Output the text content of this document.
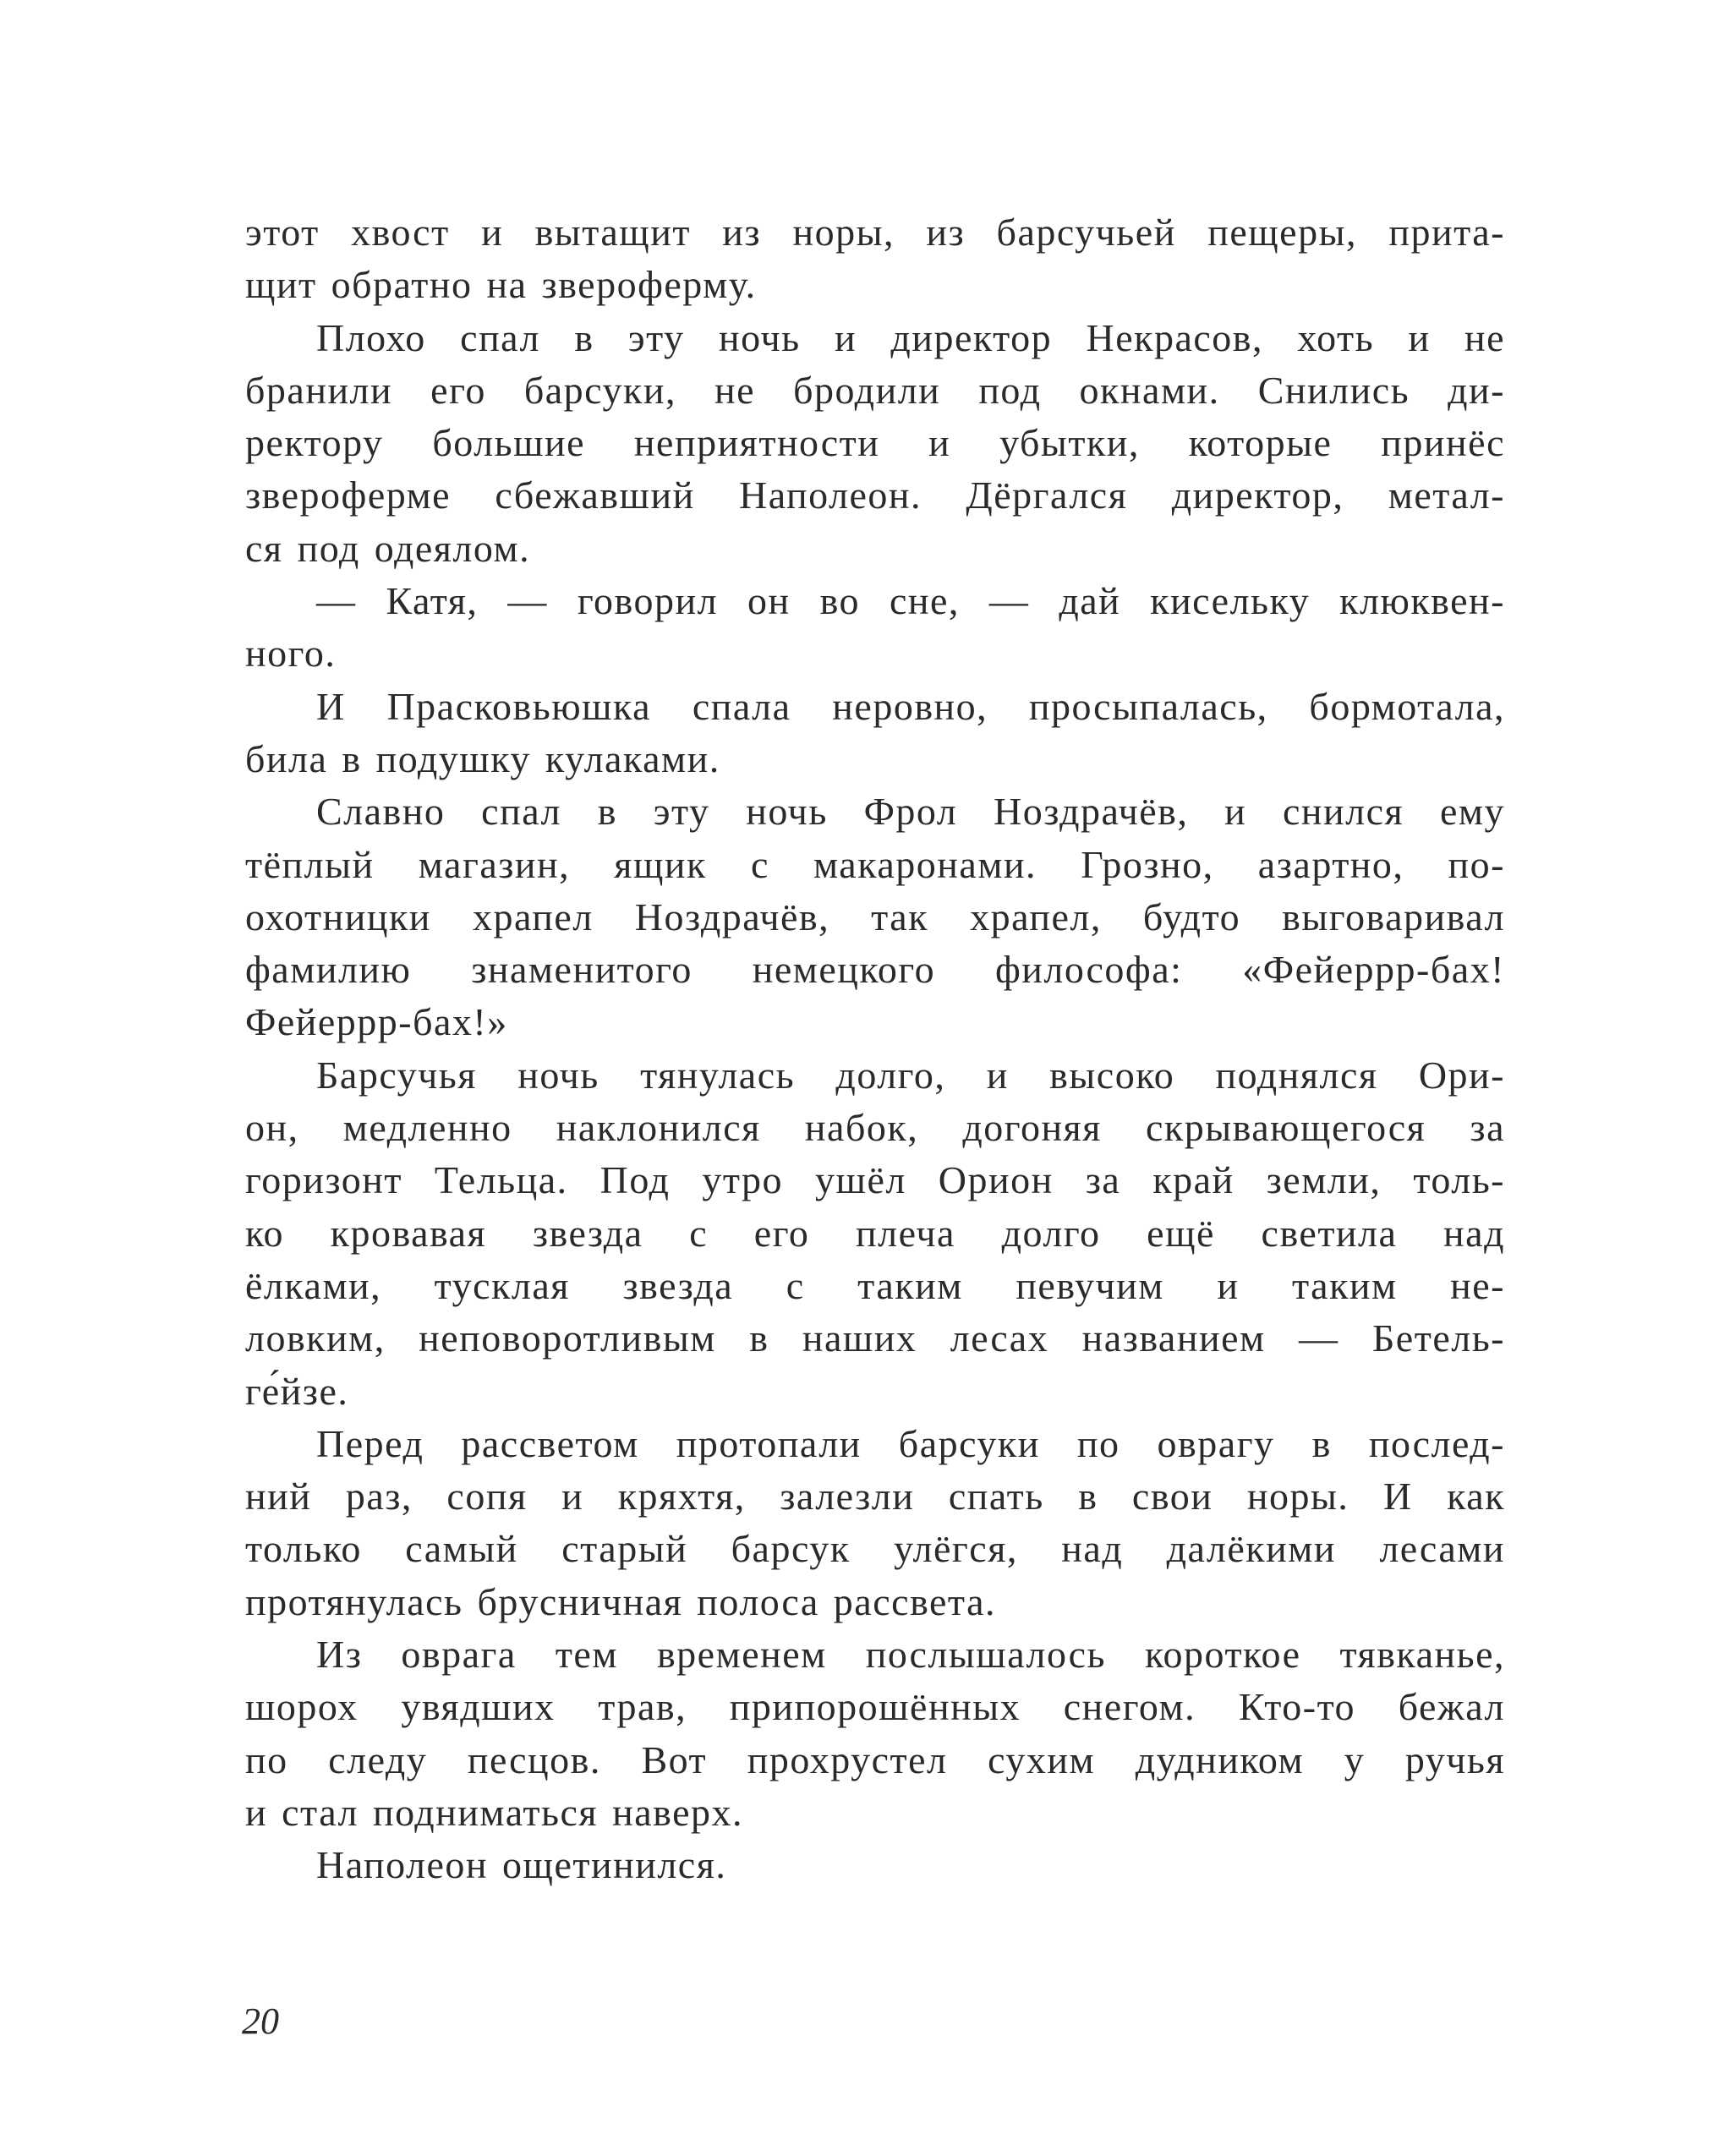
этот хвост и вытащит из норы, из барсучьей пещеры, прита-
щит обратно на звероферму.
Плохо спал в эту ночь и директор Некрасов, хоть и не
бранили его барсуки, не бродили под окнами. Снились ди-
ректору большие неприятности и убытки, которые принёс
звероферме сбежавший Наполеон. Дёргался директор, метал-
ся под одеялом.
— Катя, — говорил он во сне, — дай кисельку клюквен-
ного.
И Прасковьюшка спала неровно, просыпалась, бормотала,
била в подушку кулаками.
Славно спал в эту ночь Фрол Ноздрачёв, и снился ему
тёплый магазин, ящик с макаронами. Грозно, азартно, по-
охотницки храпел Ноздрачёв, так храпел, будто выговаривал
фамилию знаменитого немецкого философа: «Фейеррр-бах!
Фейеррр-бах!»
Барсучья ночь тянулась долго, и высоко поднялся Ори-
он, медленно наклонился набок, догоняя скрывающегося за
горизонт Тельца. Под утро ушёл Орион за край земли, толь-
ко кровавая звезда с его плеча долго ещё светила над
ёлками, тусклая звезда с таким певучим и таким не-
ловким, неповоротливым в наших лесах названием — Бетель-
ге́йзе.
Перед рассветом протопали барсуки по оврагу в послед-
ний раз, сопя и кряхтя, залезли спать в свои норы. И как
только самый старый барсук улёгся, над далёкими лесами
протянулась брусничная полоса рассвета.
Из оврага тем временем послышалось короткое тявканье,
шорох увядших трав, припорошённых снегом. Кто-то бежал
по следу песцов. Вот прохрустел сухим дудником у ручья
и стал подниматься наверх.
Наполеон ощетинился.
20
